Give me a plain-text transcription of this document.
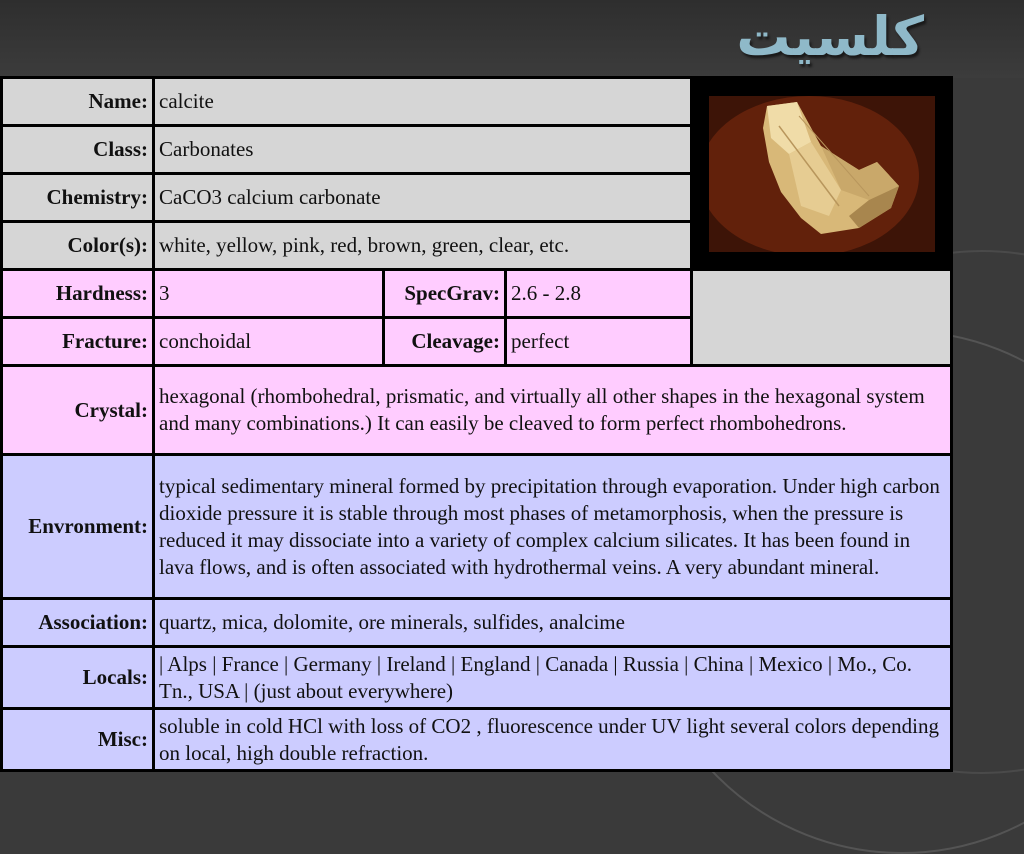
کلسیت
Name:	calcite	

Class:	Carbonates			
Chemistry:	CaCO3 calcium carbonate			
Color(s):	white, yellow, pink, red, brown, green, clear, etc.			
Hardness:	3	SpecGrav:	2.6 - 2.8	
Fracture:	conchoidal	Cleavage:	perfect	
Crystal:	hexagonal (rhombohedral, prismatic, and virtually all other shapes in the hexagonal system and many combinations.) It can easily be cleaved to form perfect rhombohedrons.			
Envronment:	typical sedimentary mineral formed by precipitation through evaporation. Under high carbon dioxide pressure it is stable through most phases of metamorphosis, when the pressure is reduced it may dissociate into a variety of complex calcium silicates. It has been found in lava flows, and is often associated with hydrothermal veins. A very abundant mineral.			
Association:	quartz, mica, dolomite, ore minerals, sulfides, analcime			
Locals:	| Alps | France | Germany | Ireland | England | Canada | Russia | China | Mexico | Mo., Co. Tn., USA | (just about everywhere)			
Misc:	soluble in cold HCl with loss of CO2 , fluorescence under UV light several colors depending on local, high double refraction.			
